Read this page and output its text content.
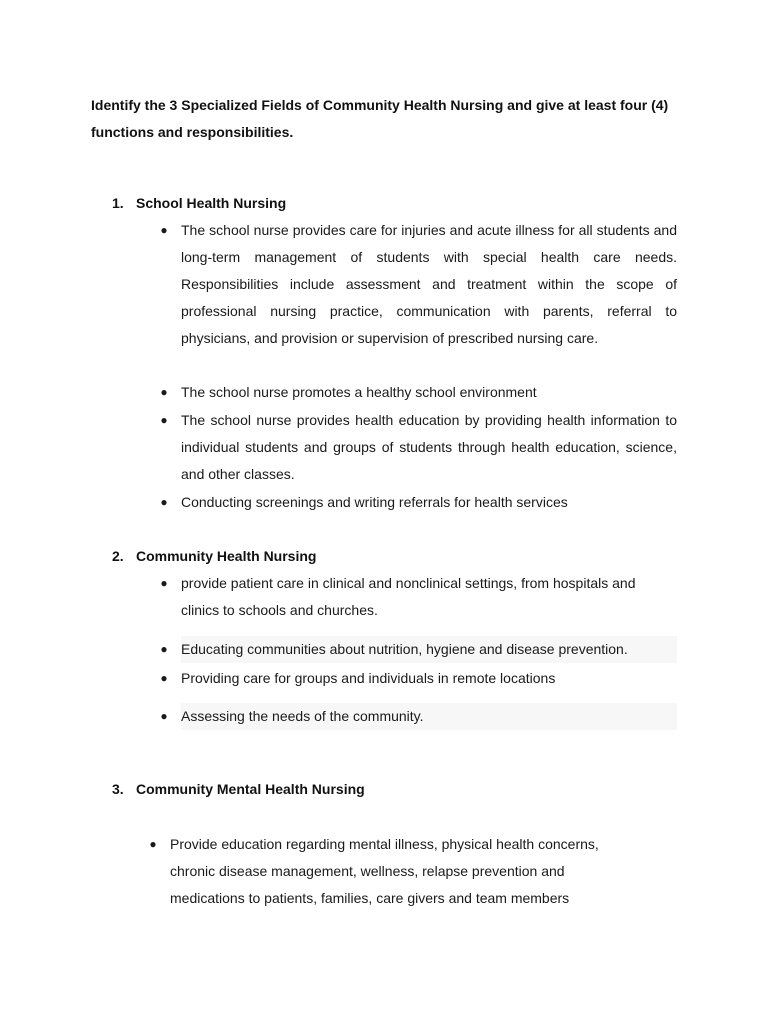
Identify the 3 Specialized Fields of Community Health Nursing and give at least four (4) functions and responsibilities.
1. School Health Nursing
● The school nurse provides care for injuries and acute illness for all students and long-term management of students with special health care needs. Responsibilities include assessment and treatment within the scope of professional nursing practice, communication with parents, referral to physicians, and provision or supervision of prescribed nursing care.
● The school nurse promotes a healthy school environment
● The school nurse provides health education by providing health information to individual students and groups of students through health education, science, and other classes.
● Conducting screenings and writing referrals for health services
2. Community Health Nursing
● provide patient care in clinical and nonclinical settings, from hospitals and clinics to schools and churches.
● Educating communities about nutrition, hygiene and disease prevention.
● Providing care for groups and individuals in remote locations
● Assessing the needs of the community.
3. Community Mental Health Nursing
● Provide education regarding mental illness, physical health concerns, chronic disease management, wellness, relapse prevention and medications to patients, families, care givers and team members
